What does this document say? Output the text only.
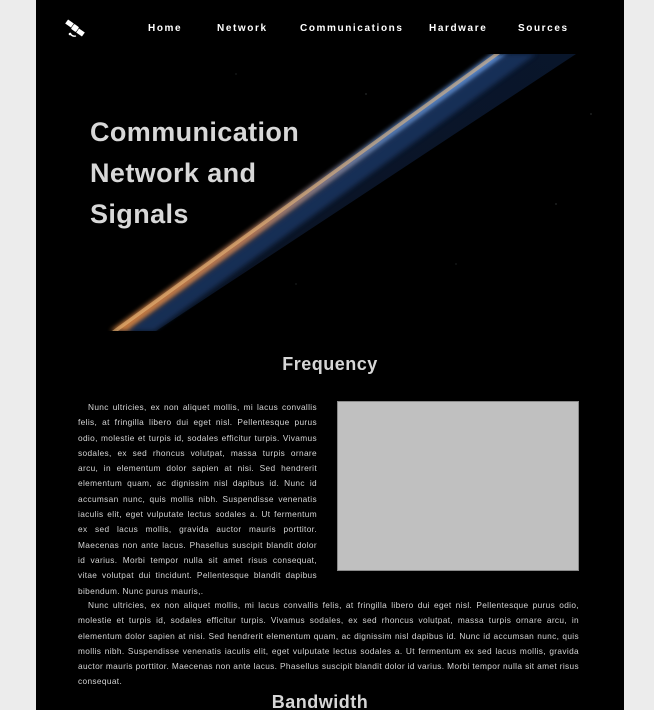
Home	Network	Communications	Hardware	Sources
Communication
Network and
Signals
Frequency

Nunc ultricies, ex non aliquet mollis, mi lacus convallis felis, at fringilla libero dui eget nisl. Pellentesque purus odio, molestie et turpis id, sodales efficitur turpis. Vivamus sodales, ex sed rhoncus volutpat, massa turpis ornare arcu, in elementum dolor sapien at nisi. Sed hendrerit elementum quam, ac dignissim nisl dapibus id. Nunc id accumsan nunc, quis mollis nibh. Suspendisse venenatis iaculis elit, eget vulputate lectus sodales a. Ut fermentum ex sed lacus mollis, gravida auctor mauris porttitor. Maecenas non ante lacus. Phasellus suscipit blandit dolor id varius. Morbi tempor nulla sit amet risus consequat, vitae volutpat dui tincidunt. Pellentesque blandit dapibus bibendum. Nunc purus mauris,.

Nunc ultricies, ex non aliquet mollis, mi lacus convallis felis, at fringilla libero dui eget nisl. Pellentesque purus odio, molestie et turpis id, sodales efficitur turpis. Vivamus sodales, ex sed rhoncus volutpat, massa turpis ornare arcu, in elementum dolor sapien at nisi. Sed hendrerit elementum quam, ac dignissim nisl dapibus id. Nunc id accumsan nunc, quis mollis nibh. Suspendisse venenatis iaculis elit, eget vulputate lectus sodales a. Ut fermentum ex sed lacus mollis, gravida auctor mauris porttitor. Maecenas non ante lacus. Phasellus suscipit blandit dolor id varius. Morbi tempor nulla sit amet risus consequat.

Bandwidth
